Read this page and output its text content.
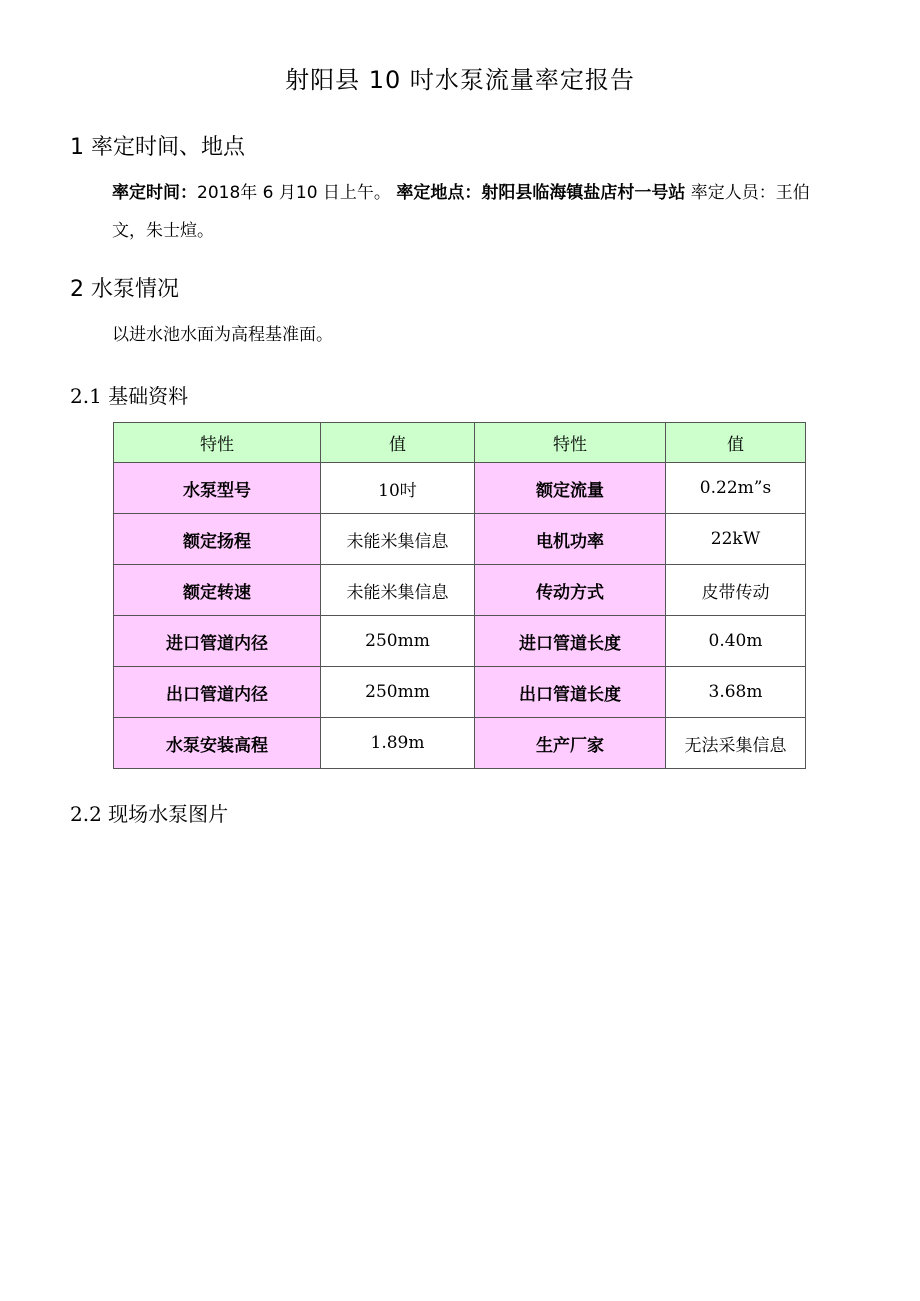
射阳县 10 吋水泵流量率定报告
1 率定时间、地点
率定时间：2018年 6 月10 日上午。 率定地点：射阳县临海镇盐店村一号站 率定人员：王伯文，朱士煊。
2 水泵情况
以进水池水面为高程基准面。
2.1 基础资料
特性	值	特性	值
水泵型号	10吋	额定流量	0.22m”s
额定扬程	未能米集信息	电机功率	22kW
额定转速	未能米集信息	传动方式	皮带传动
进口管道内径	250mm	进口管道长度	0.40m
出口管道内径	250mm	出口管道长度	3.68m
水泵安装高程	1.89m	生产厂家	无法采集信息
2.2 现场水泵图片
